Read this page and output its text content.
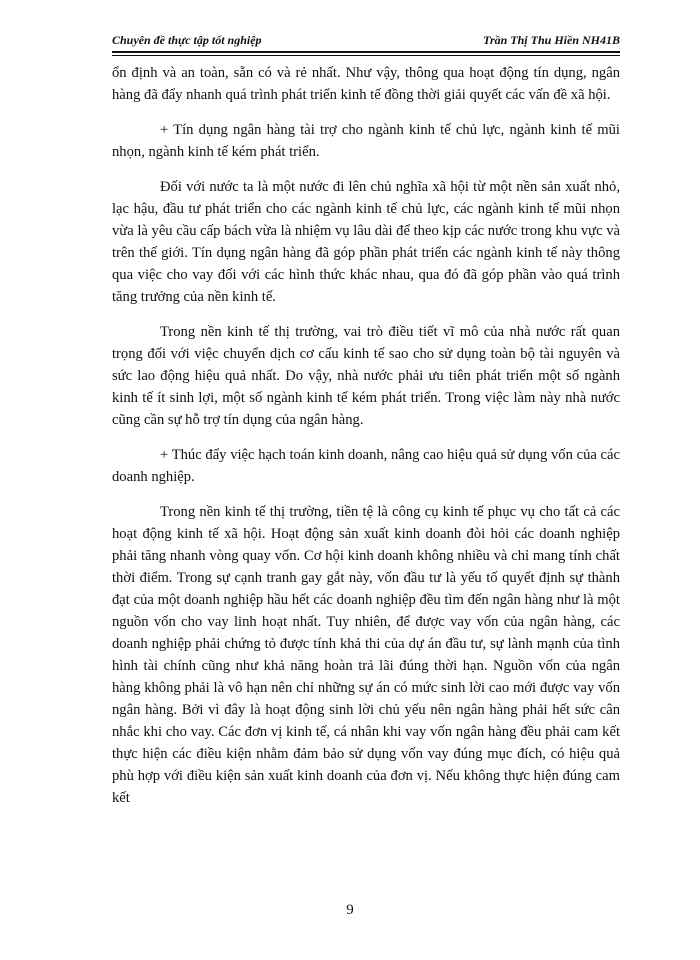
Chuyên đề thực tập tốt nghiệp	Trần Thị Thu Hiền NH41B

ổn định và an toàn, sẵn có và rẻ nhất. Như vậy, thông qua hoạt động tín dụng, ngân hàng đã đẩy nhanh quá trình phát triển kinh tế đồng thời giải quyết các vấn đề xã hội.

+ Tín dụng ngân hàng tài trợ cho ngành kinh tế chủ lực, ngành kinh tế mũi nhọn, ngành kinh tế kém phát triển.

Đối với nước ta là một nước đi lên chủ nghĩa xã hội từ một nền sản xuất nhỏ, lạc hậu, đầu tư phát triển cho các ngành kinh tế chủ lực, các ngành kinh tế mũi nhọn vừa là yêu cầu cấp bách vừa là nhiệm vụ lâu dài để theo kịp các nước trong khu vực và trên thế giới. Tín dụng ngân hàng đã góp phần phát triển các ngành kinh tế này thông qua việc cho vay đối với các hình thức khác nhau, qua đó đã góp phần vào quá trình tăng trưởng của nền kinh tế.

Trong nền kinh tế thị trường, vai trò điều tiết vĩ mô của nhà nước rất quan trọng đối với việc chuyển dịch cơ cấu kinh tế sao cho sử dụng toàn bộ tài nguyên và sức lao động hiệu quả nhất. Do vậy, nhà nước phải ưu tiên phát triển một số ngành kinh tế ít sinh lợi, một số ngành kinh tế kém phát triển. Trong việc làm này nhà nước cũng cần sự hỗ trợ tín dụng của ngân hàng.

+ Thúc đẩy việc hạch toán kinh doanh, nâng cao hiệu quả sử dụng vốn của các doanh nghiệp.

Trong nền kinh tế thị trường, tiền tệ là công cụ kinh tế phục vụ cho tất cả các hoạt động kinh tế xã hội. Hoạt động sản xuất kinh doanh đòi hỏi các doanh nghiệp phải tăng nhanh vòng quay vốn. Cơ hội kinh doanh không nhiều và chỉ mang tính chất thời điểm. Trong sự cạnh tranh gay gắt này, vốn đầu tư là yếu tố quyết định sự thành đạt của một doanh nghiệp hầu hết các doanh nghiệp đều tìm đến ngân hàng như là một nguồn vốn cho vay linh hoạt nhất. Tuy nhiên, để được vay vốn của ngân hàng, các doanh nghiệp phải chứng tỏ được tính khả thi của dự án đầu tư, sự lành mạnh của tình hình tài chính cũng như khả năng hoàn trả lãi đúng thời hạn. Nguồn vốn của ngân hàng không phải là vô hạn nên chỉ những sự án có mức sinh lời cao mới được vay vốn ngân hàng. Bởi vì đây là hoạt động sinh lời chủ yếu nên ngân hàng phải hết sức cân nhắc khi cho vay. Các đơn vị kinh tế, cá nhân khi vay vốn ngân hàng đều phải cam kết thực hiện các điều kiện nhằm đảm bảo sử dụng vốn vay đúng mục đích, có hiệu quả phù hợp với điều kiện sản xuất kinh doanh của đơn vị. Nếu không thực hiện đúng cam kết

9
